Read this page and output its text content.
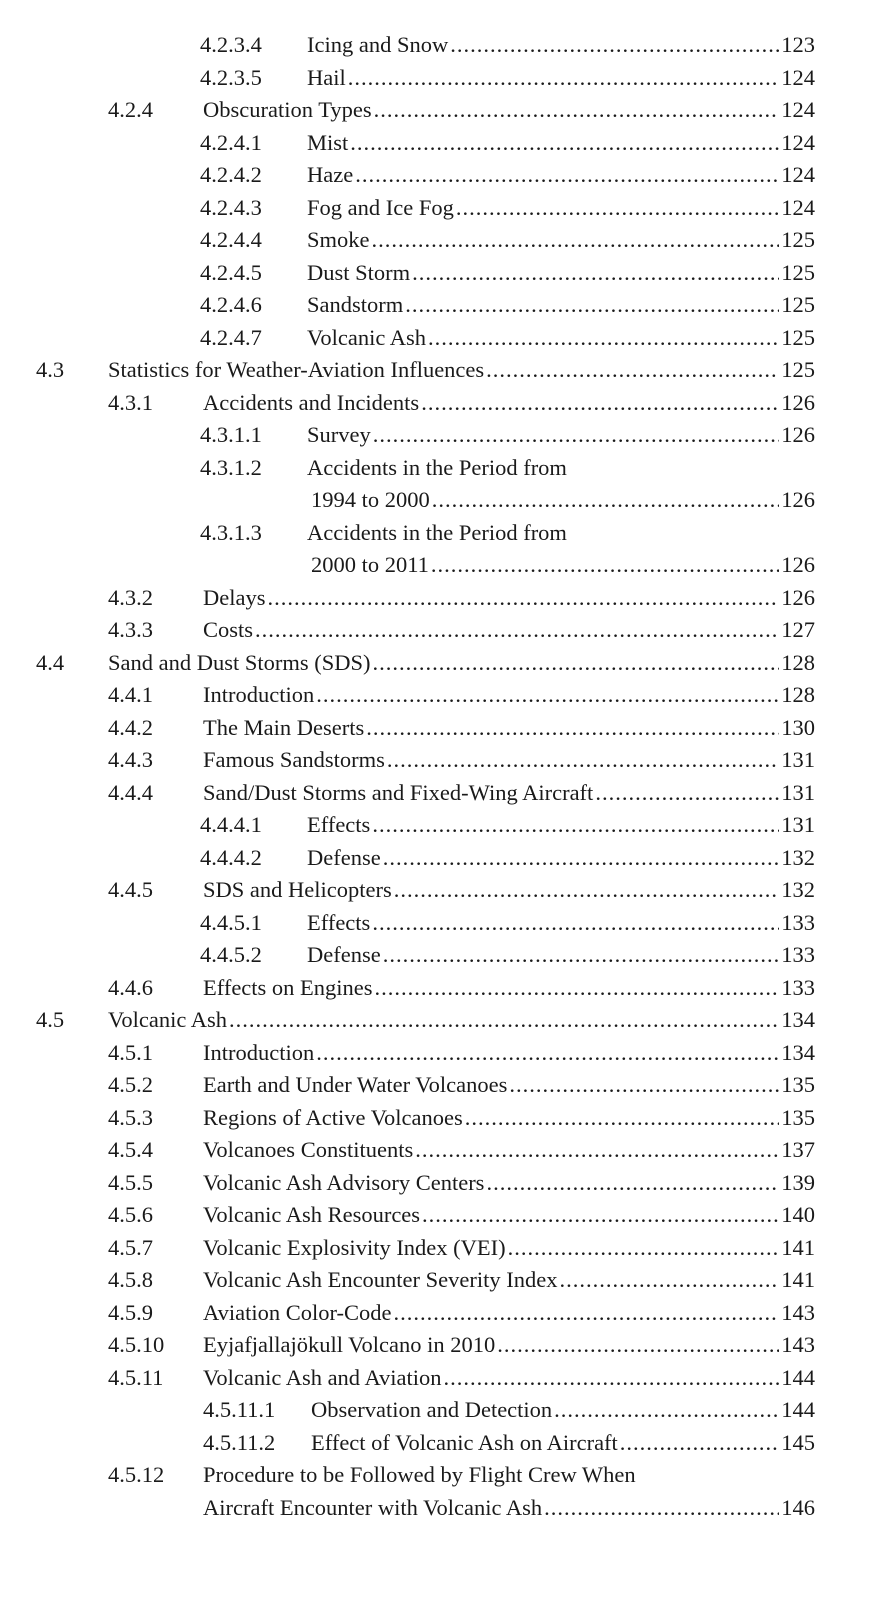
4.2.3.4 Icing and Snow .....	123
4.2.3.5 Hail .....	124
4.2.4 Obscuration Types .....	124
4.2.4.1 Mist .....	124
4.2.4.2 Haze .....	124
4.2.4.3 Fog and Ice Fog .....	124
4.2.4.4 Smoke .....	125
4.2.4.5 Dust Storm .....	125
4.2.4.6 Sandstorm .....	125
4.2.4.7 Volcanic Ash .....	125
4.3 Statistics for Weather-Aviation Influences .....	125
4.3.1 Accidents and Incidents .....	126
4.3.1.1 Survey .....	126
4.3.1.2 Accidents in the Period from
1994 to 2000 .....	126
4.3.1.3 Accidents in the Period from
2000 to 2011 .....	126
4.3.2 Delays .....	126
4.3.3 Costs .....	127
4.4 Sand and Dust Storms (SDS) .....	128
4.4.1 Introduction .....	128
4.4.2 The Main Deserts .....	130
4.4.3 Famous Sandstorms .....	131
4.4.4 Sand/Dust Storms and Fixed-Wing Aircraft .....	131
4.4.4.1 Effects .....	131
4.4.4.2 Defense .....	132
4.4.5 SDS and Helicopters .....	132
4.4.5.1 Effects .....	133
4.4.5.2 Defense .....	133
4.4.6 Effects on Engines .....	133
4.5 Volcanic Ash .....	134
4.5.1 Introduction .....	134
4.5.2 Earth and Under Water Volcanoes .....	135
4.5.3 Regions of Active Volcanoes .....	135
4.5.4 Volcanoes Constituents .....	137
4.5.5 Volcanic Ash Advisory Centers .....	139
4.5.6 Volcanic Ash Resources .....	140
4.5.7 Volcanic Explosivity Index (VEI) .....	141
4.5.8 Volcanic Ash Encounter Severity Index .....	141
4.5.9 Aviation Color-Code .....	143
4.5.10 Eyjafjallajökull Volcano in 2010 .....	143
4.5.11 Volcanic Ash and Aviation .....	144
4.5.11.1 Observation and Detection .....	144
4.5.11.2 Effect of Volcanic Ash on Aircraft .....	145
4.5.12 Procedure to be Followed by Flight Crew When
Aircraft Encounter with Volcanic Ash .....	146
